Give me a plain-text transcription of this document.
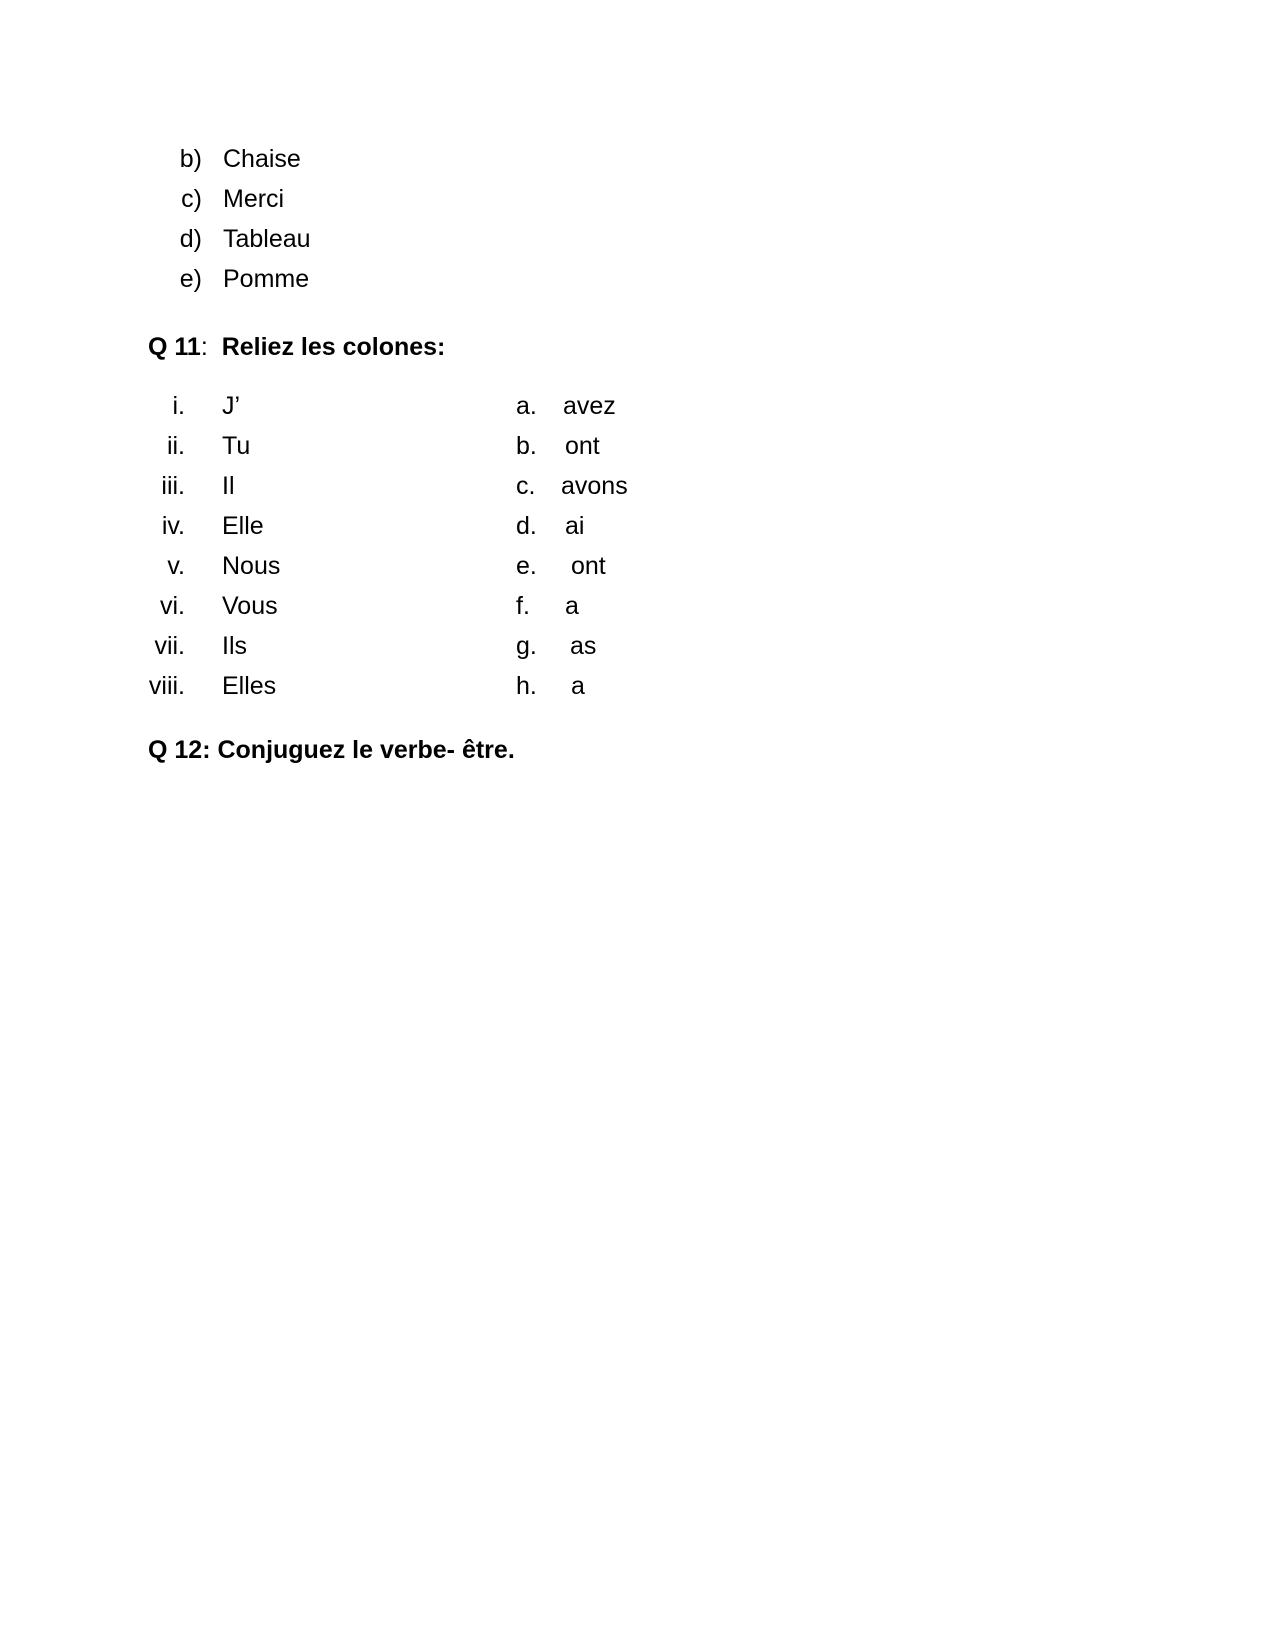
b) Chaise
c) Merci
d) Tableau
e) Pomme
Q 11: Reliez les colones:
i. J’
ii. Tu
iii. Il
iv. Elle
v. Nous
vi. Vous
vii. Ils
viii. Elles
a. avez
b. ont
c. avons
d. ai
e. ont
f. a
g. as
h. a
Q 12: Conjuguez le verbe- être.
